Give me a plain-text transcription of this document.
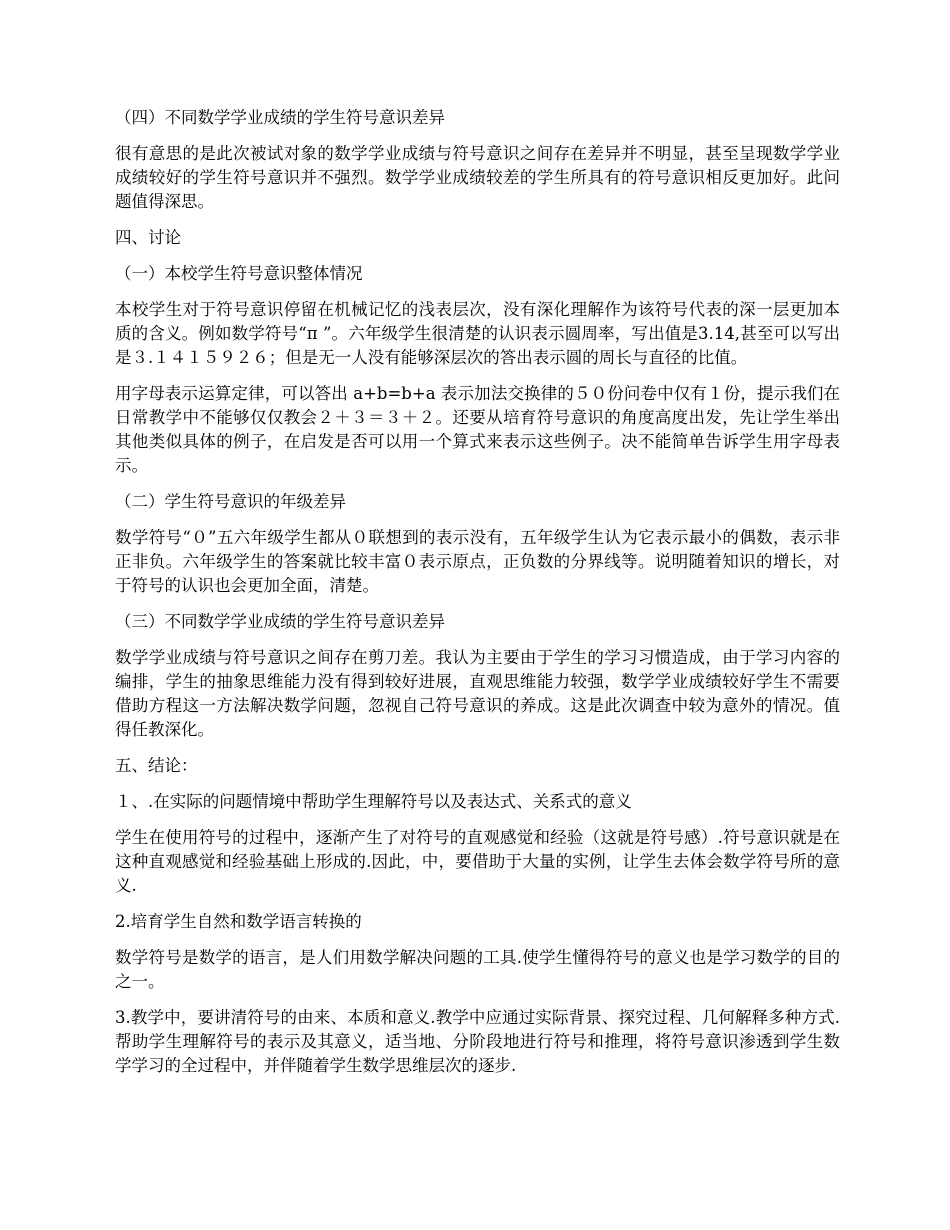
（四）不同数学学业成绩的学生符号意识差异
很有意思的是此次被试对象的数学学业成绩与符号意识之间存在差异并不明显，甚至呈现数学学业成绩较好的学生符号意识并不强烈。数学学业成绩较差的学生所具有的符号意识相反更加好。此问题值得深思。
四、讨论
（一）本校学生符号意识整体情况
本校学生对于符号意识停留在机械记忆的浅表层次，没有深化理解作为该符号代表的深一层更加本质的含义。例如数学符号“π ”。六年级学生很清楚的认识表示圆周率，写出值是3.14,甚至可以写出是３.１４１５９２６；但是无一人没有能够深层次的答出表示圆的周长与直径的比值。
用字母表示运算定律，可以答出 a+b=b+a 表示加法交换律的５０份问卷中仅有１份，提示我们在日常教学中不能够仅仅教会２＋３＝３＋２。还要从培育符号意识的角度高度出发，先让学生举出其他类似具体的例子，在启发是否可以用一个算式来表示这些例子。决不能简单告诉学生用字母表示。
（二）学生符号意识的年级差异
数学符号“０”五六年级学生都从０联想到的表示没有，五年级学生认为它表示最小的偶数，表示非正非负。六年级学生的答案就比较丰富０表示原点，正负数的分界线等。说明随着知识的增长，对于符号的认识也会更加全面，清楚。
（三）不同数学学业成绩的学生符号意识差异
数学学业成绩与符号意识之间存在剪刀差。我认为主要由于学生的学习习惯造成，由于学习内容的编排，学生的抽象思维能力没有得到较好进展，直观思维能力较强，数学学业成绩较好学生不需要借助方程这一方法解决数学问题，忽视自己符号意识的养成。这是此次调查中较为意外的情况。值得任教深化。
五、结论：
１、.在实际的问题情境中帮助学生理解符号以及表达式、关系式的意义
学生在使用符号的过程中，逐渐产生了对符号的直观感觉和经验（这就是符号感）.符号意识就是在这种直观感觉和经验基础上形成的.因此，中，要借助于大量的实例，让学生去体会数学符号所的意义.
2.培育学生自然和数学语言转换的
数学符号是数学的语言，是人们用数学解决问题的工具.使学生懂得符号的意义也是学习数学的目的之一。
3.教学中，要讲清符号的由来、本质和意义.教学中应通过实际背景、探究过程、几何解释多种方式.帮助学生理解符号的表示及其意义，适当地、分阶段地进行符号和推理，将符号意识渗透到学生数学学习的全过程中，并伴随着学生数学思维层次的逐步.
